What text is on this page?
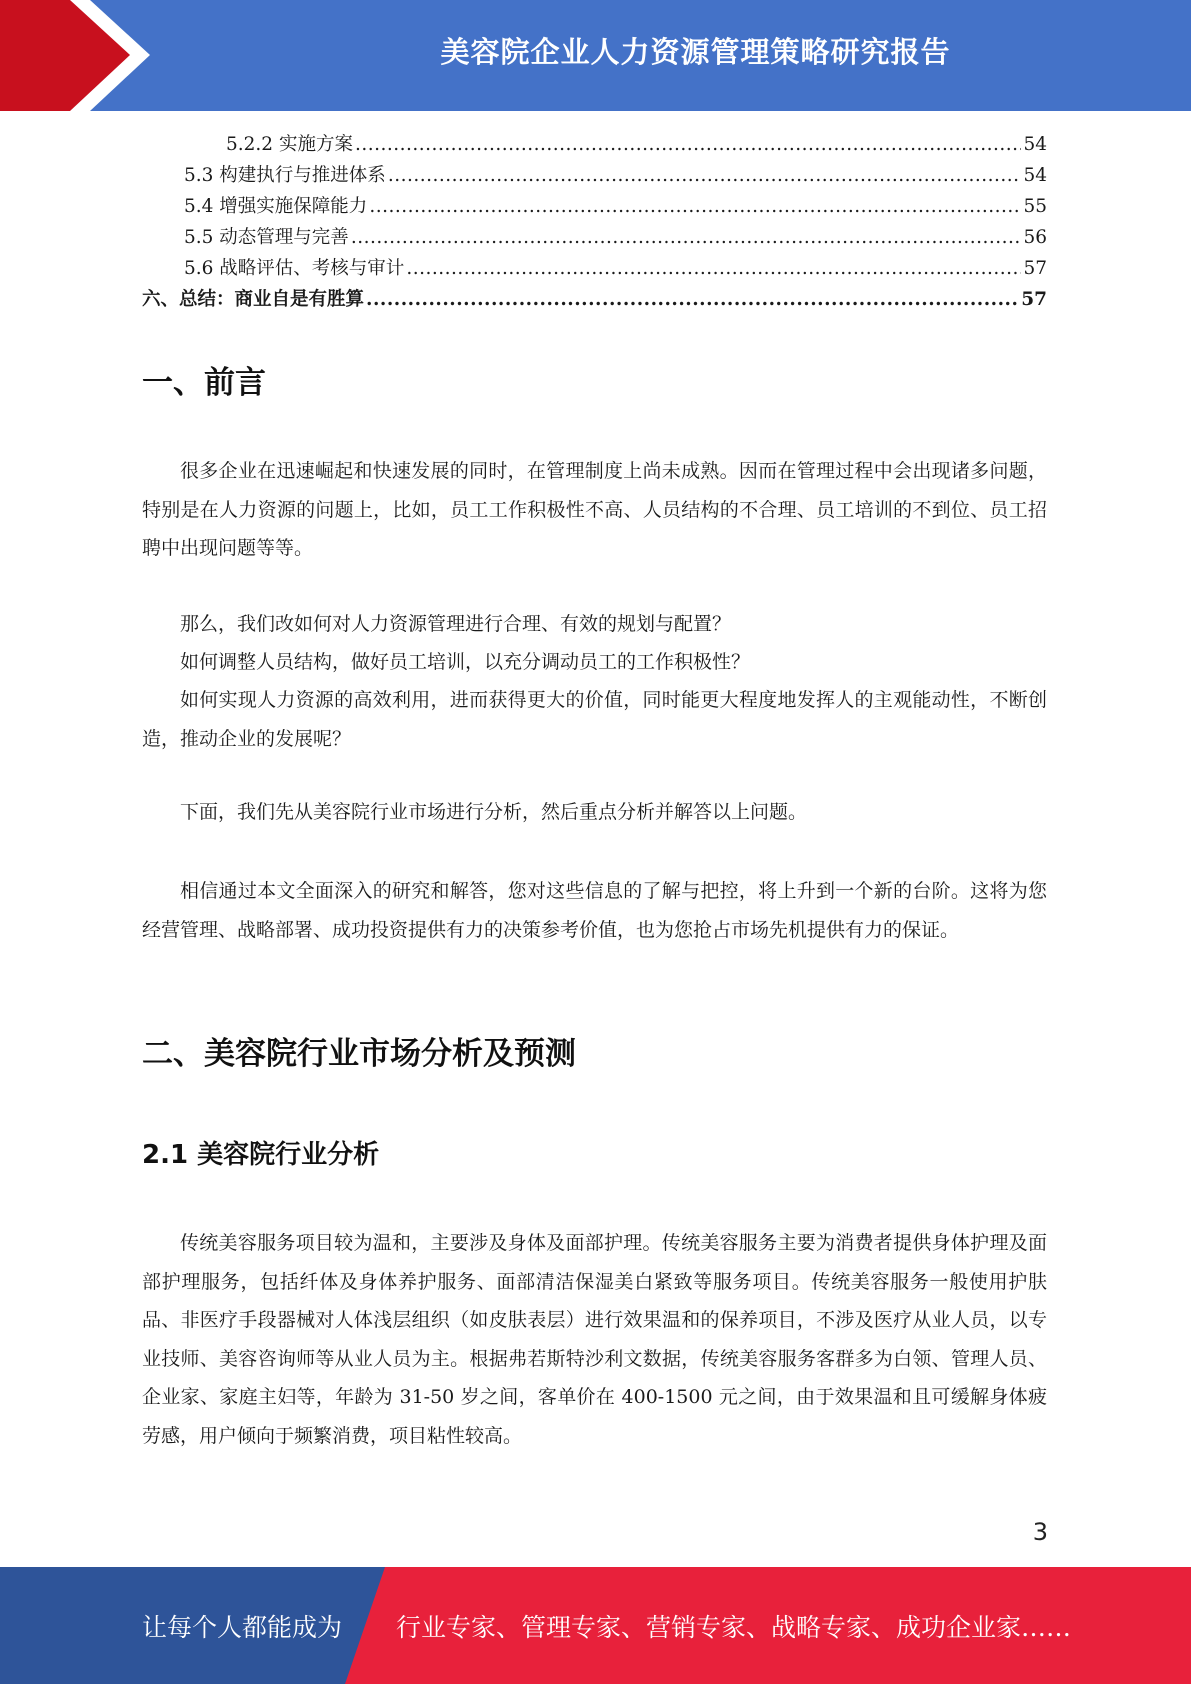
美容院企业人力资源管理策略研究报告
5.2.2 实施方案 .....	54
5.3 构建执行与推进体系 .....	54
5.4 增强实施保障能力 .....	55
5.5 动态管理与完善 .....	56
5.6 战略评估、考核与审计 .....	57
六、总结：商业自是有胜算 .....	57
一、前言

很多企业在迅速崛起和快速发展的同时，在管理制度上尚未成熟。因而在管理过程中会出现诸多问题，特别是在人力资源的问题上，比如，员工工作积极性不高、人员结构的不合理、员工培训的不到位、员工招聘中出现问题等等。

那么，我们改如何对人力资源管理进行合理、有效的规划与配置？

如何调整人员结构，做好员工培训，以充分调动员工的工作积极性？

如何实现人力资源的高效利用，进而获得更大的价值，同时能更大程度地发挥人的主观能动性，不断创造，推动企业的发展呢？

下面，我们先从美容院行业市场进行分析，然后重点分析并解答以上问题。

相信通过本文全面深入的研究和解答，您对这些信息的了解与把控，将上升到一个新的台阶。这将为您经营管理、战略部署、成功投资提供有力的决策参考价值，也为您抢占市场先机提供有力的保证。

二、美容院行业市场分析及预测
2.1 美容院行业分析

传统美容服务项目较为温和，主要涉及身体及面部护理。传统美容服务主要为消费者提供身体护理及面部护理服务，包括纤体及身体养护服务、面部清洁保湿美白紧致等服务项目。传统美容服务一般使用护肤品、非医疗手段器械对人体浅层组织（如皮肤表层）进行效果温和的保养项目，不涉及医疗从业人员，以专业技师、美容咨询师等从业人员为主。根据弗若斯特沙利文数据，传统美容服务客群多为白领、管理人员、企业家、家庭主妇等，年龄为 31-50 岁之间，客单价在 400-1500 元之间，由于效果温和且可缓解身体疲劳感，用户倾向于频繁消费，项目粘性较高。

3
让每个人都能成为 行业专家、管理专家、营销专家、战略专家、成功企业家……
